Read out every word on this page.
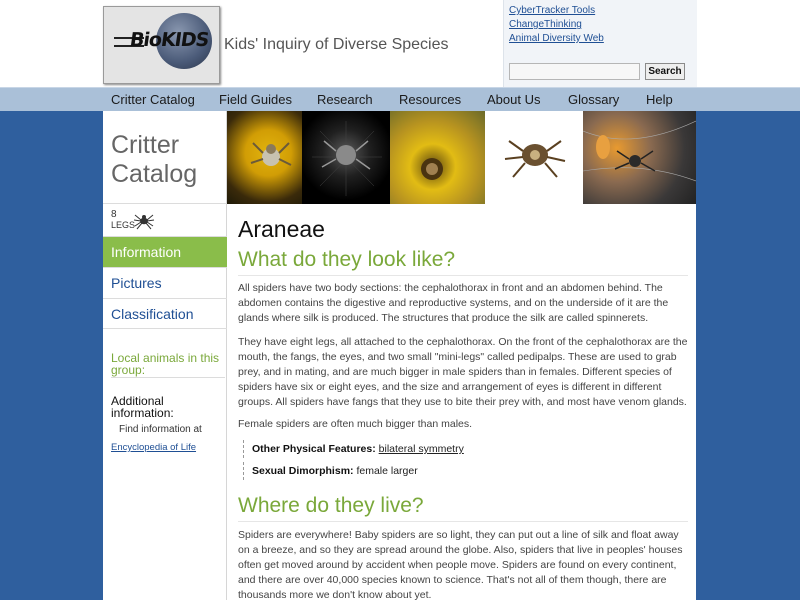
BioKIDS Kids' Inquiry of Diverse Species
CyberTracker Tools
ChangeThinking
Animal Diversity Web
Search
Critter Catalog Field Guides Research Resources About Us Glossary Help
Critter
Catalog
8
LEGS
Information
Pictures
Classification
Local animals in this group:
Additional information:
Find information at
Encyclopedia of Life
Araneae
What do they look like?

All spiders have two body sections: the cephalothorax in front and an abdomen behind. The abdomen contains the digestive and reproductive systems, and on the underside of it are the glands where silk is produced. The structures that produce the silk are called spinnerets.

They have eight legs, all attached to the cephalothorax. On the front of the cephalothorax are the mouth, the fangs, the eyes, and two small "mini-legs" called pedipalps. These are used to grab prey, and in mating, and are much bigger in male spiders than in females. Different species of spiders have six or eight eyes, and the size and arrangement of eyes is different in different groups. All spiders have fangs that they use to bite their prey with, and most have venom glands.

Female spiders are often much bigger than males.

Other Physical Features: bilateral symmetry
Sexual Dimorphism: female larger
Where do they live?

Spiders are everywhere! Baby spiders are so light, they can put out a line of silk and float away on a breeze, and so they are spread around the globe. Also, spiders that live in peoples' houses often get moved around by accident when people move. Spiders are found on every continent, and there are over 40,000 species known to science. That's not all of them though, there are thousands more we don't know about yet.
